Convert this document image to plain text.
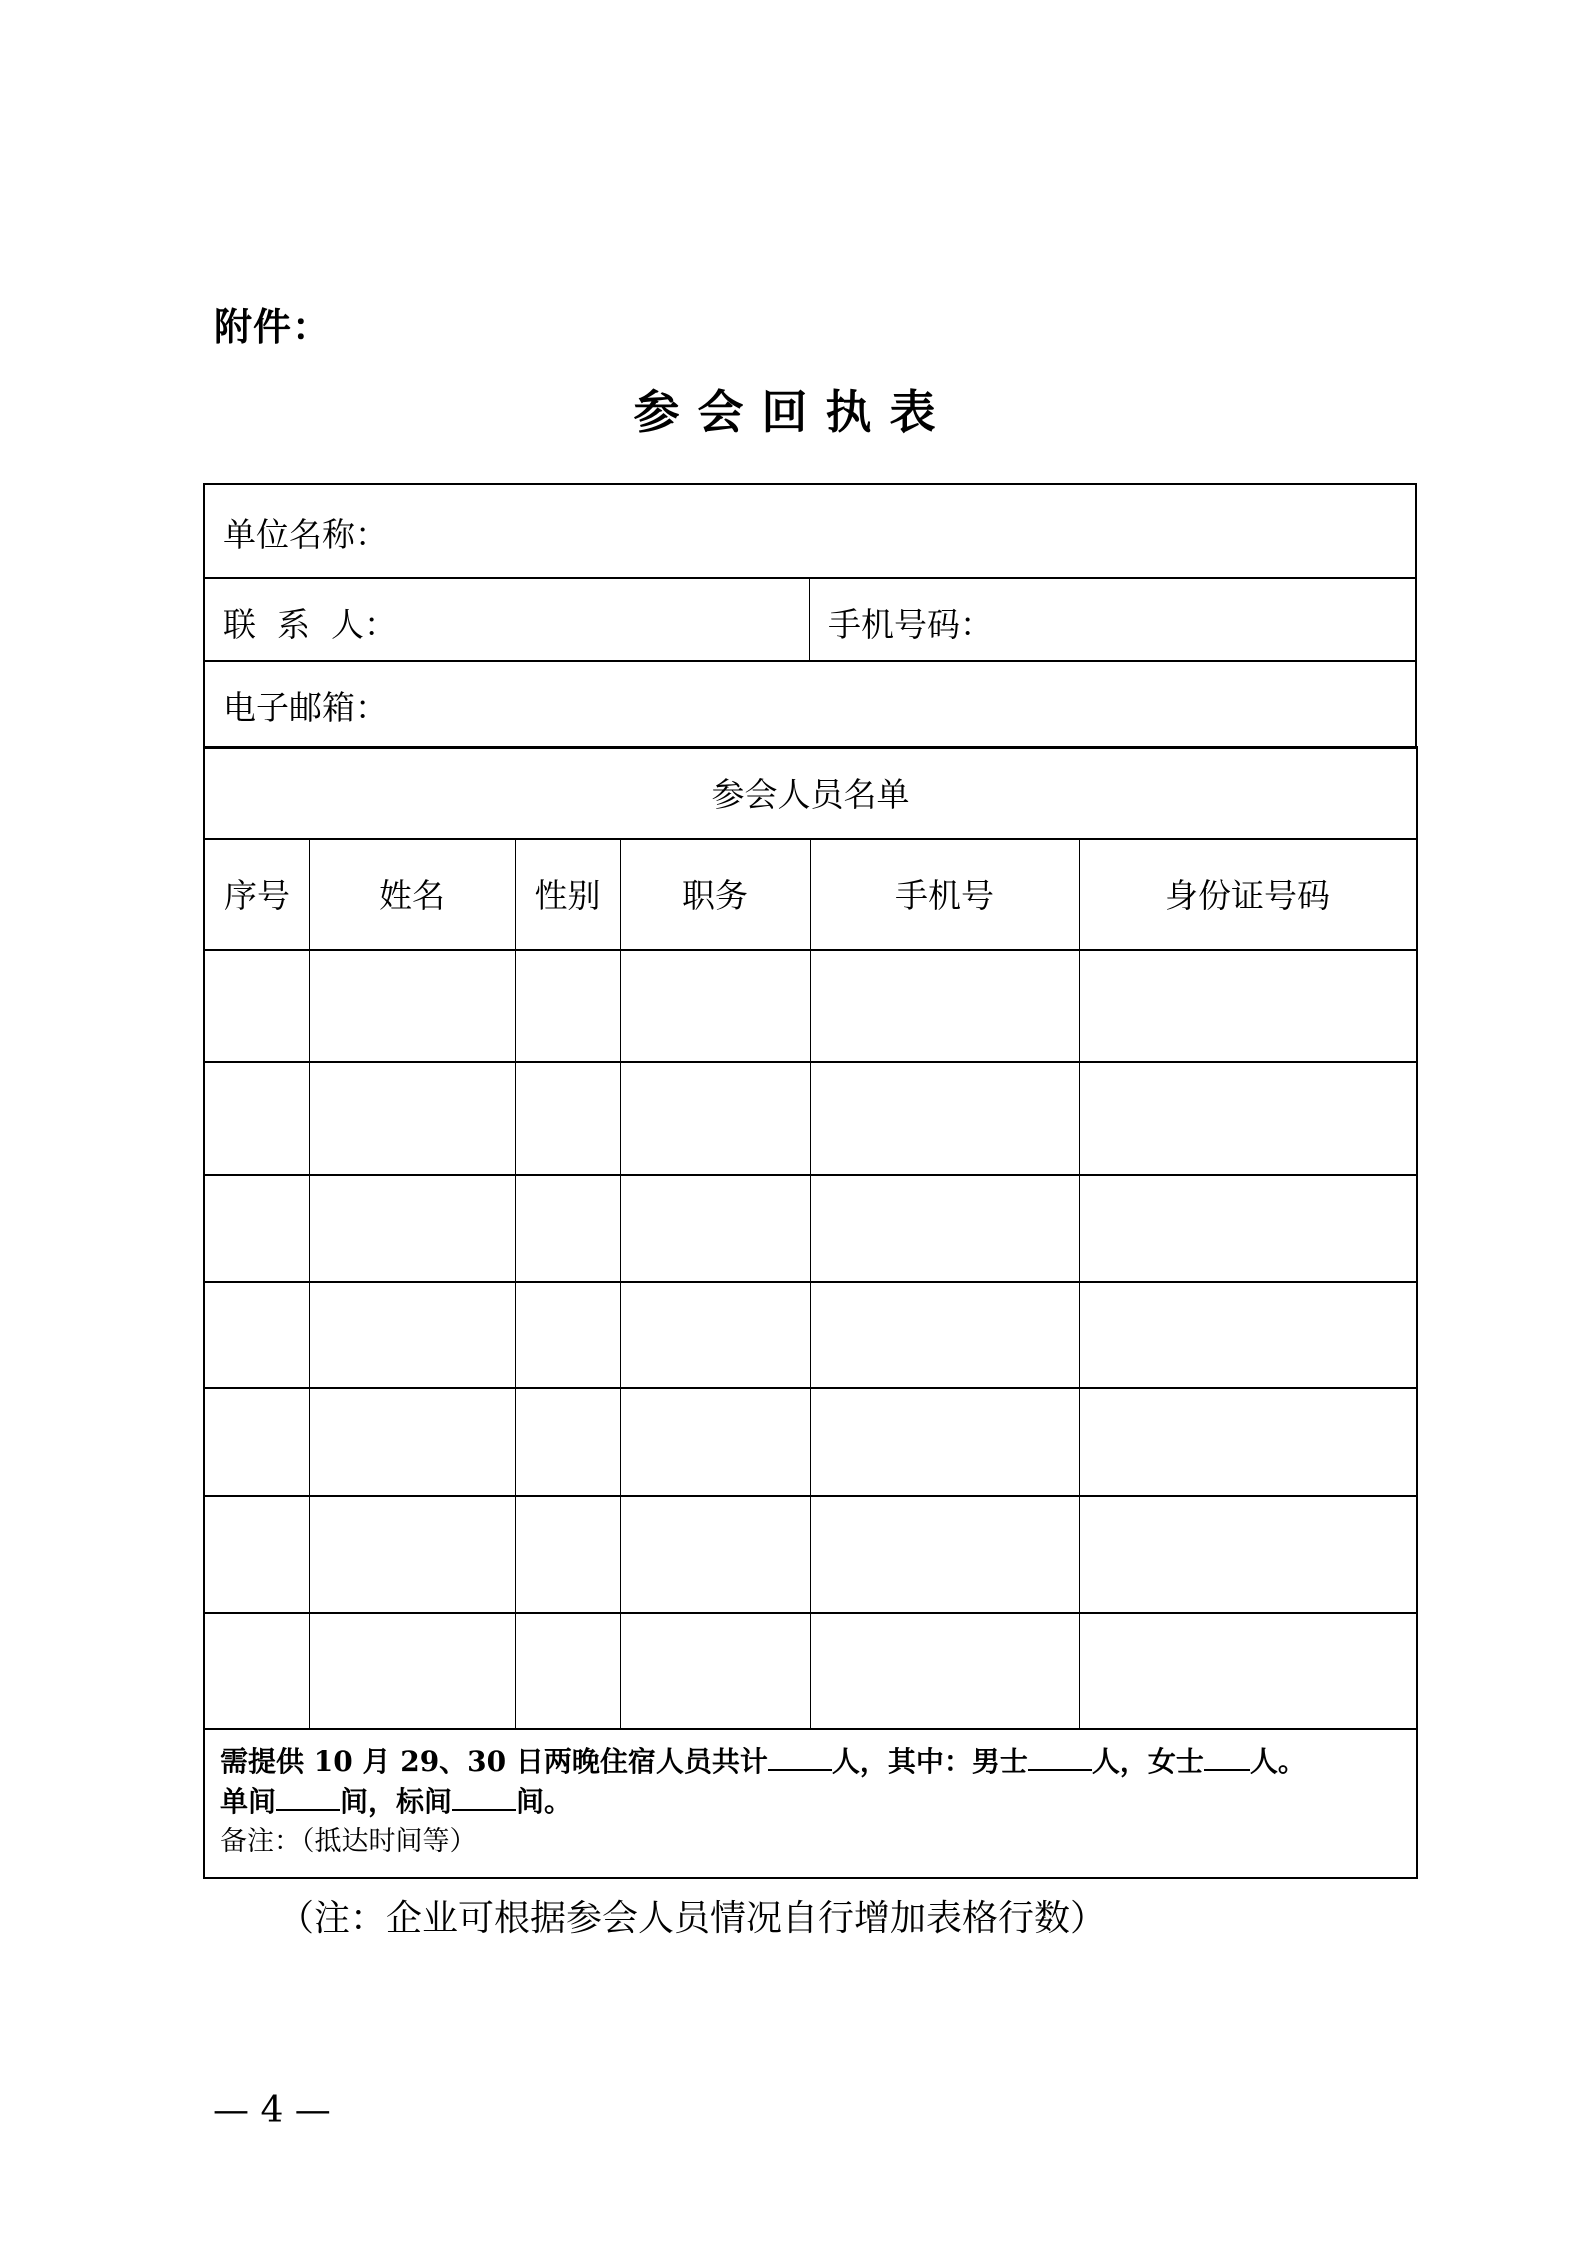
附件：
参会回执表
单位名称：
联  系  人：	手机号码：
电子邮箱：
参会人员名单
序号	姓名	性别	职务	手机号	身份证号码
需提供 10 月 29、30 日两晚住宿人员共计 人，其中：男士 人，女士 人。
单间 间，标间 间。
备注：（抵达时间等）
（注：企业可根据参会人员情况自行增加表格行数）
— 4 —
